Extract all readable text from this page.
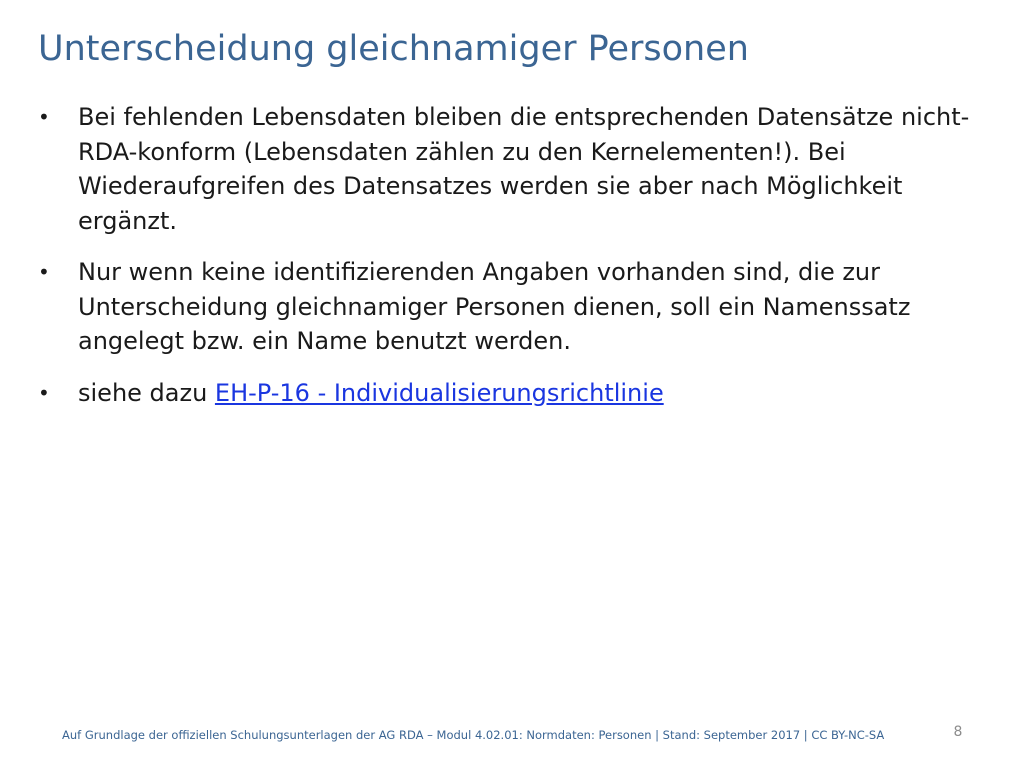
Unterscheidung gleichnamiger Personen
•	Bei fehlenden Lebensdaten bleiben die entsprechenden Datensätze nicht-RDA-konform (Lebensdaten zählen zu den Kernelementen!). Bei Wiederaufgreifen des Datensatzes werden sie aber nach Möglichkeit ergänzt.
•	Nur wenn keine identifizierenden Angaben vorhanden sind, die zur Unterscheidung gleichnamiger Personen dienen, soll ein Namenssatz angelegt bzw. ein Name benutzt werden.
•	siehe dazu EH-P-16 - Individualisierungsrichtlinie
Auf Grundlage der offiziellen Schulungsunterlagen der AG RDA – Modul 4.02.01: Normdaten: Personen | Stand: September 2017 | CC BY-NC-SA	8
